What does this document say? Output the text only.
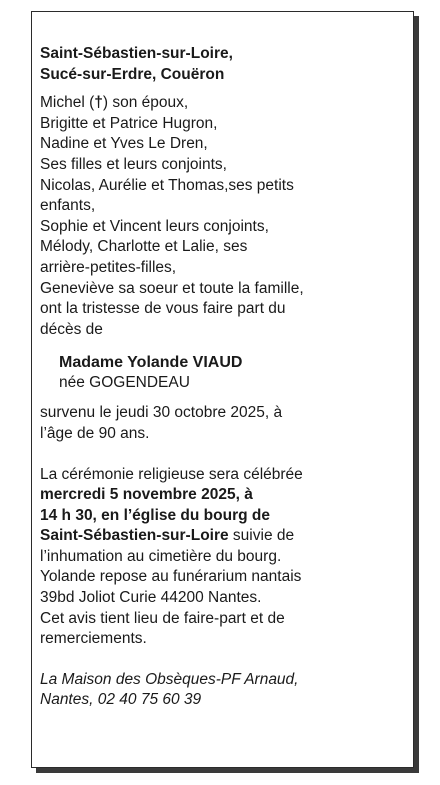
Saint-Sébastien-sur-Loire,
Sucé-sur-Erdre, Couëron
Michel (†) son époux,
Brigitte et Patrice Hugron,
Nadine et Yves Le Dren,
Ses filles et leurs conjoints,
Nicolas, Aurélie et Thomas,ses petits
enfants,
Sophie et Vincent leurs conjoints,
Mélody, Charlotte et Lalie, ses
arrière-petites-filles,
Geneviève sa soeur et toute la famille,
ont la tristesse de vous faire part du
décès de
Madame Yolande VIAUD
née GOGENDEAU
survenu le jeudi 30 octobre 2025, à
l’âge de 90 ans.
La cérémonie religieuse sera célébrée
mercredi 5 novembre 2025, à
14 h 30, en l’église du bourg de
Saint-Sébastien-sur-Loire suivie de
l’inhumation au cimetière du bourg.
Yolande repose au funérarium nantais
39bd Joliot Curie 44200 Nantes.
Cet avis tient lieu de faire-part et de
remerciements.
La Maison des Obsèques-PF Arnaud,
Nantes, 02 40 75 60 39
